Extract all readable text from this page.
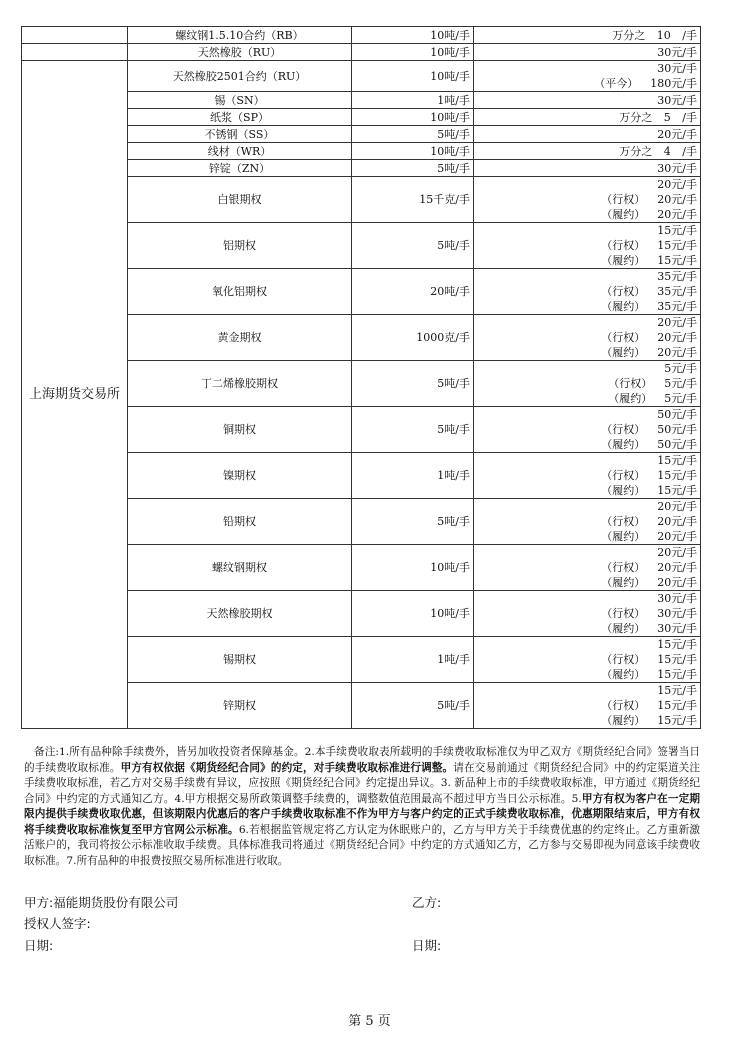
	螺纹钢1.5.10合约（RB）	10吨/手	万分之 10 /手

	天然橡胶（RU）	10吨/手	30元/手

上海期货交易所	天然橡胶2501合约（RU）	10吨/手	30元/手
（平今） 180元/手

	锡（SN）	1吨/手	30元/手

	纸浆（SP）	10吨/手	万分之 5 /手

	不锈钢（SS）	5吨/手	20元/手

	线材（WR）	10吨/手	万分之 4 /手

	锌锭（ZN）	5吨/手	30元/手

	白银期权	15千克/手	20元/手
（行权） 20元/手
（履约） 20元/手

	铝期权	5吨/手	15元/手
（行权） 15元/手
（履约） 15元/手

	氧化铝期权	20吨/手	35元/手
（行权） 35元/手
（履约） 35元/手

	黄金期权	1000克/手	20元/手
（行权） 20元/手
（履约） 20元/手

	丁二烯橡胶期权	5吨/手	5元/手
（行权） 5元/手
（履约） 5元/手

	铜期权	5吨/手	50元/手
（行权） 50元/手
（履约） 50元/手

	镍期权	1吨/手	15元/手
（行权） 15元/手
（履约） 15元/手

	铅期权	5吨/手	20元/手
（行权） 20元/手
（履约） 20元/手

	螺纹钢期权	10吨/手	20元/手
（行权） 20元/手
（履约） 20元/手

	天然橡胶期权	10吨/手	30元/手
（行权） 30元/手
（履约） 30元/手

	锡期权	1吨/手	15元/手
（行权） 15元/手
（履约） 15元/手

	锌期权	5吨/手	15元/手
（行权） 15元/手
（履约） 15元/手

备注:1.所有品种除手续费外，皆另加收投资者保障基金。2.本手续费收取表所载明的手续费收取标准仅为甲乙双方《期货经纪合同》签署当日的手续费收取标准。甲方有权依据《期货经纪合同》的约定，对手续费收取标准进行调整。请在交易前通过《期货经纪合同》中的约定渠道关注手续费收取标准，若乙方对交易手续费有异议，应按照《期货经纪合同》约定提出异议。3. 新品种上市的手续费收取标准，甲方通过《期货经纪合同》中约定的方式通知乙方。4.甲方根据交易所政策调整手续费的，调整数值范围最高不超过甲方当日公示标准。5.甲方有权为客户在一定期限内提供手续费收取优惠，但该期限内优惠后的客户手续费收取标准不作为甲方与客户约定的正式手续费收取标准，优惠期限结束后，甲方有权将手续费收取标准恢复至甲方官网公示标准。6.若根据监管规定将乙方认定为休眠账户的，乙方与甲方关于手续费优惠的约定终止。乙方重新激活账户的，我司将按公示标准收取手续费。具体标准我司将通过《期货经纪合同》中约定的方式通知乙方，乙方参与交易即视为同意该手续费收取标准。7.所有品种的申报费按照交易所标准进行收取。

甲方:福能期货股份有限公司	乙方:
授权人签字:
日期:	日期:
第 5 页
